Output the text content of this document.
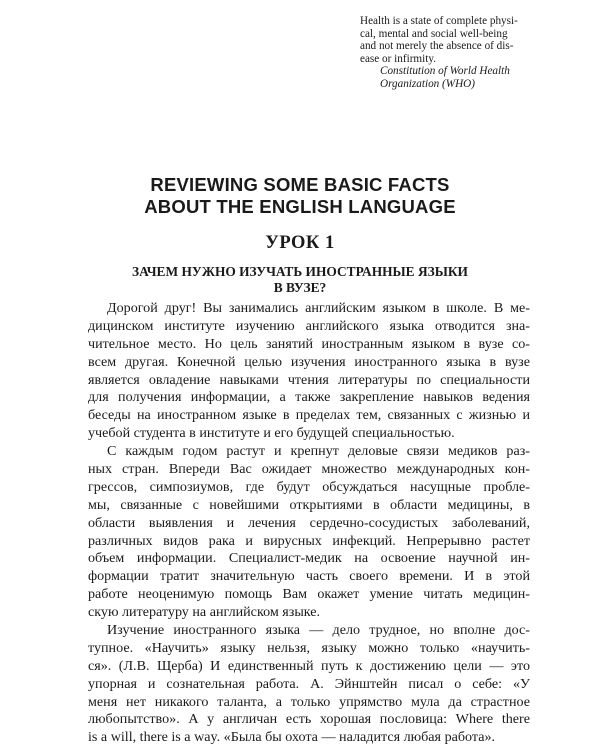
Health is a state of complete physi-
cal, mental and social well-being
and not merely the absence of dis-
ease or infirmity.
Constitution of World Health
Organization (WHO)
REVIEWING SOME BASIC FACTS
ABOUT THE ENGLISH LANGUAGE
УРОК 1
ЗАЧЕМ НУЖНО ИЗУЧАТЬ ИНОСТРАННЫЕ ЯЗЫКИ
В ВУЗЕ?
Дорогой друг! Вы занимались английским языком в школе. В ме-
дицинском институте изучению английского языка отводится зна-
чительное место. Но цель занятий иностранным языком в вузе со-
всем другая. Конечной целью изучения иностранного языка в вузе
является овладение навыками чтения литературы по специальности
для получения информации, а также закрепление навыков ведения
беседы на иностранном языке в пределах тем, связанных с жизнью и
учебой студента в институте и его будущей специальностью.
С каждым годом растут и крепнут деловые связи медиков раз-
ных стран. Впереди Вас ожидает множество международных кон-
грессов, симпозиумов, где будут обсуждаться насущные пробле-
мы, связанные с новейшими открытиями в области медицины, в
области выявления и лечения сердечно-сосудистых заболеваний,
различных видов рака и вирусных инфекций. Непрерывно растет
объем информации. Специалист-медик на освоение научной ин-
формации тратит значительную часть своего времени. И в этой
работе неоценимую помощь Вам окажет умение читать медицин-
скую литературу на английском языке.
Изучение иностранного языка — дело трудное, но вполне дос-
тупное. «Научить» языку нельзя, языку можно только «научить-
ся». (Л.В. Щерба) И единственный путь к достижению цели — это
упорная и сознательная работа. А. Эйнштейн писал о себе: «У
меня нет никакого таланта, а только упрямство мула да страстное
любопытство». А у англичан есть хорошая пословица: Where there
is a will, there is a way. «Была бы охота — наладится любая работа».
